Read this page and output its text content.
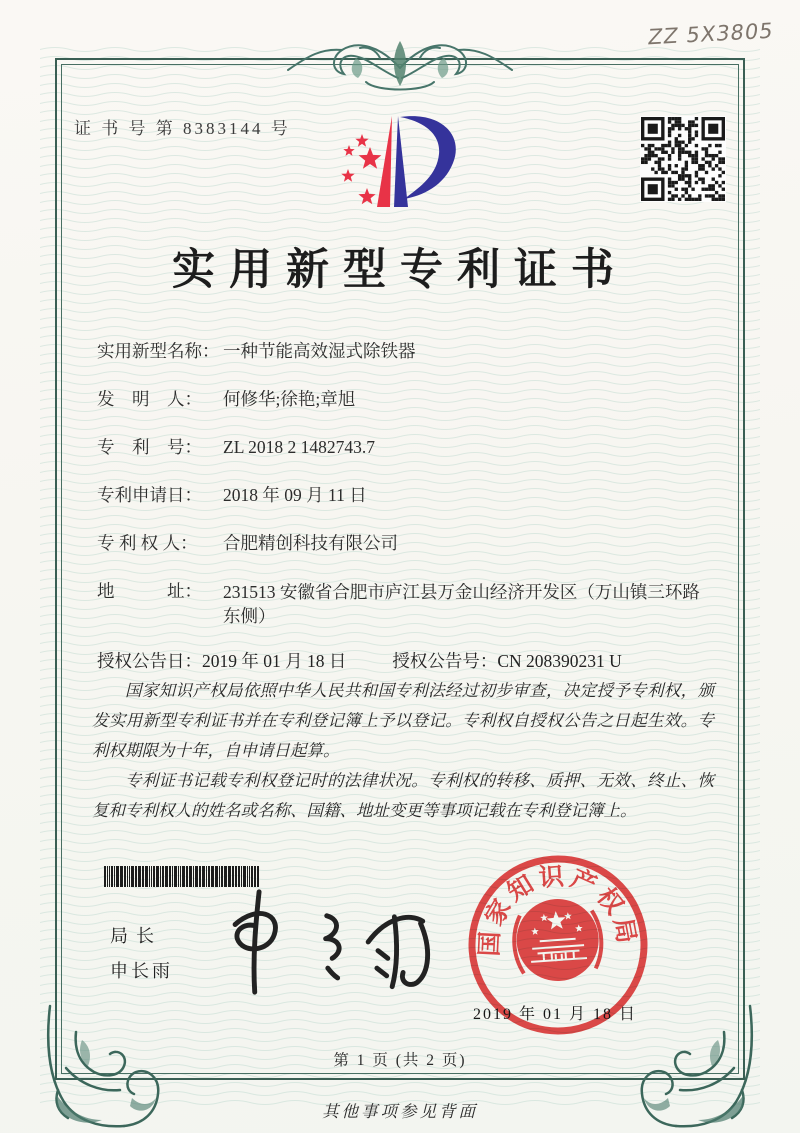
ZZ 5X3805
证 书 号 第 8383144 号
实用新型专利证书
实用新型名称： 一种节能高效湿式除铁器
发　明　人：	何修华;徐艳;章旭
专　利　号：	ZL 2018 2 1482743.7
专利申请日：	2018 年 09 月 11 日
专 利 权 人：	合肥精创科技有限公司
地　　　址：	231513 安徽省合肥市庐江县万金山经济开发区（万山镇三环路东侧）
授权公告日： 2019 年 01 月 18 日	授权公告号： CN 208390231 U

国家知识产权局依照中华人民共和国专利法经过初步审查，决定授予专利权，颁发实用新型专利证书并在专利登记簿上予以登记。专利权自授权公告之日起生效。专利权期限为十年，自申请日起算。

专利证书记载专利权登记时的法律状况。专利权的转移、质押、无效、终止、恢复和专利权人的姓名或名称、国籍、地址变更等事项记载在专利登记簿上。

局长
申长雨
国家知识产权局
2019 年 01 月 18 日
第 1 页 (共 2 页)
其他事项参见背面
